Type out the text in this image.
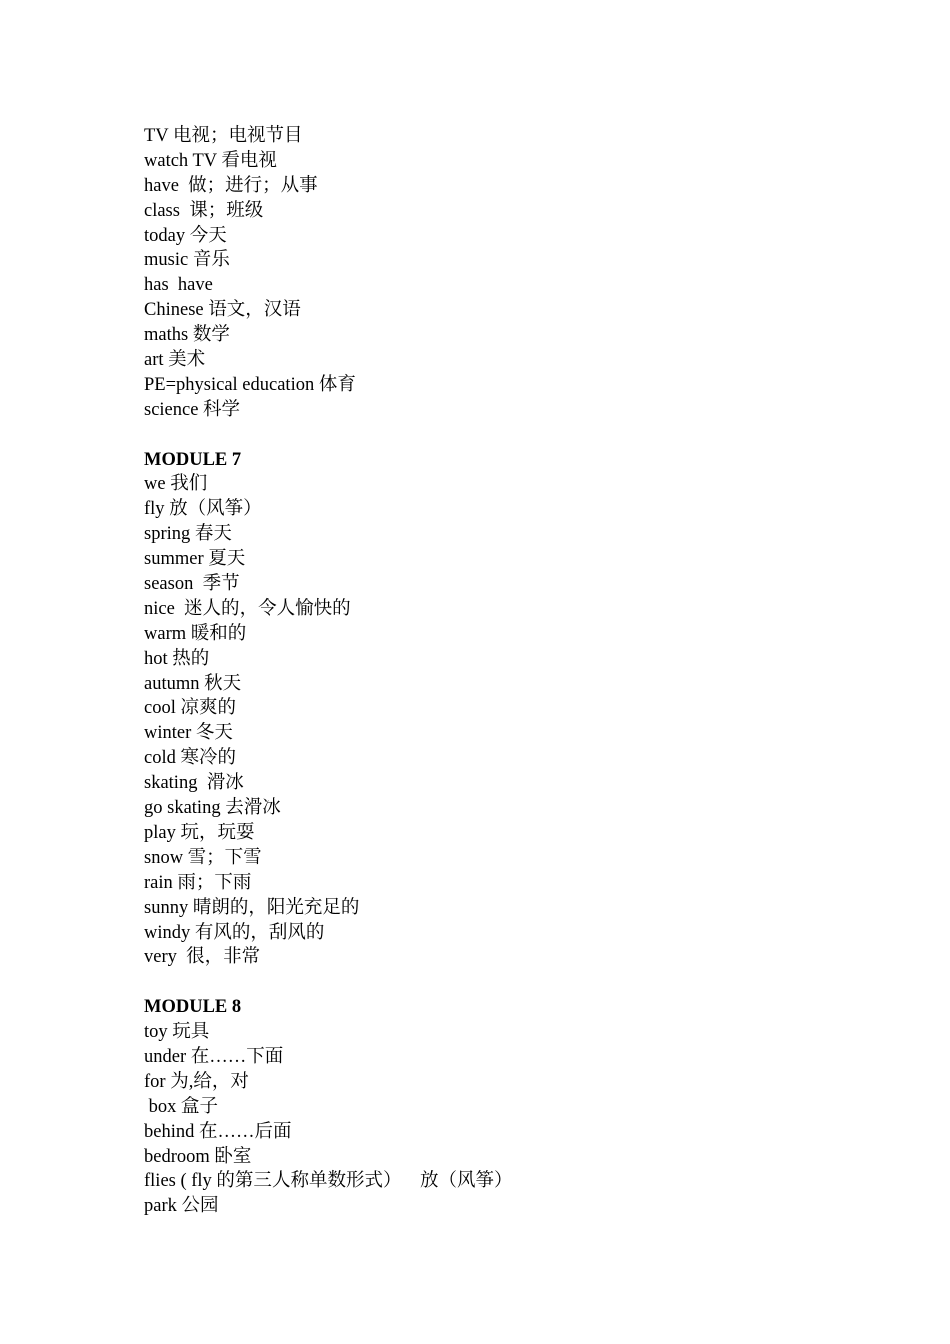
TV 电视；电视节目
watch TV 看电视
have  做；进行；从事
class  课；班级
today 今天
music 音乐
has  have
Chinese 语文，汉语
maths 数学
art 美术
PE=physical education 体育
science 科学
MODULE 7
we 我们
fly 放（风筝）
spring 春天
summer 夏天
season  季节
nice  迷人的，令人愉快的
warm 暖和的
hot 热的
autumn 秋天
cool 凉爽的
winter 冬天
cold 寒冷的
skating  滑冰
go skating 去滑冰
play 玩，玩耍
snow 雪；下雪
rain 雨；下雨
sunny 晴朗的，阳光充足的
windy 有风的，刮风的
very  很，非常
MODULE 8
toy 玩具
under 在……下面
for 为,给，对
box 盒子
behind 在……后面
bedroom 卧室
flies ( fly 的第三人称单数形式）    放（风筝）
park 公园
